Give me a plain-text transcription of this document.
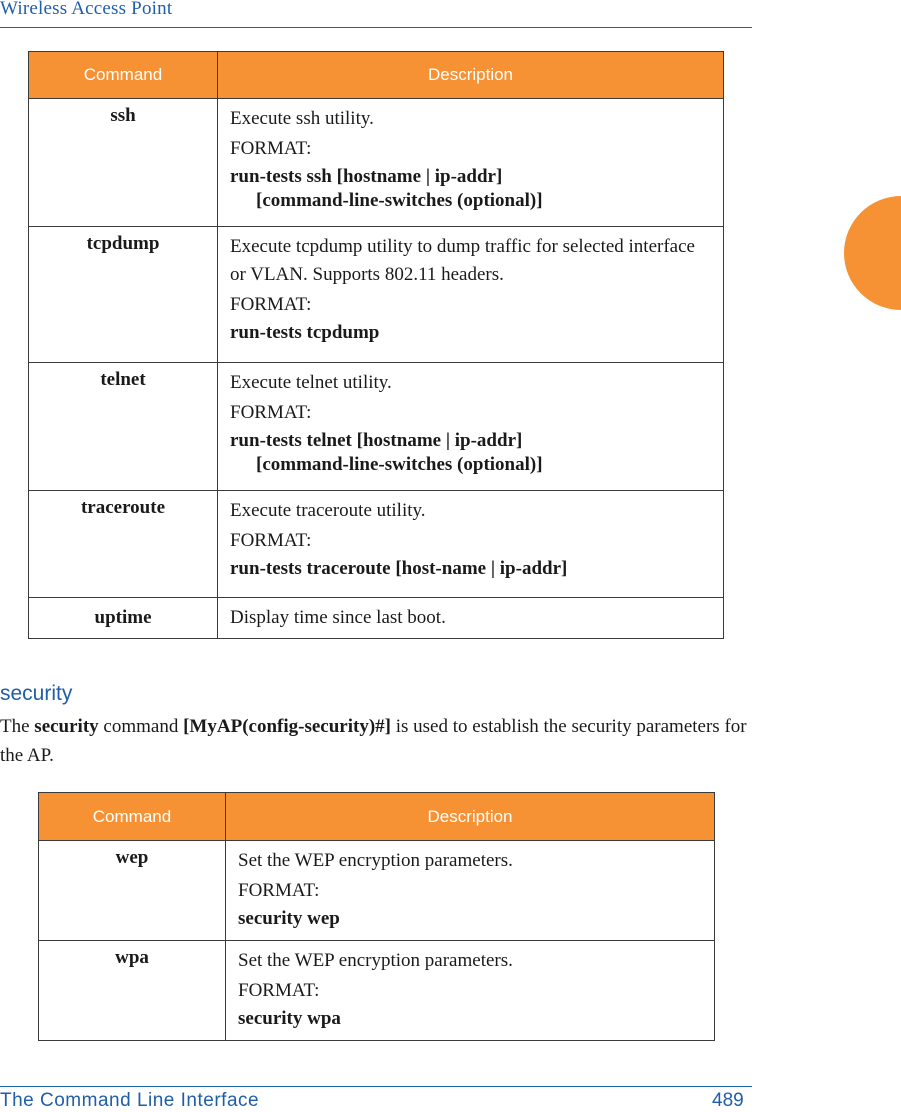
Wireless Access Point
Command	Description
ssh	Execute ssh utility.
FORMAT:
run-tests ssh [hostname | ip-addr]
[command-line-switches (optional)]

tcpdump	Execute tcpdump utility to dump traffic for selected interface or VLAN. Supports 802.11 headers.
FORMAT:
run-tests tcpdump

telnet	Execute telnet utility.
FORMAT:
run-tests telnet [hostname | ip-addr]
[command-line-switches (optional)]

traceroute	Execute traceroute utility.
FORMAT:
run-tests traceroute [host-name | ip-addr]

uptime	Display time since last boot.
security
The security command [MyAP(config-security)#] is used to establish the security parameters for the AP.
Command	Description
wep	Set the WEP encryption parameters.
FORMAT:
security wep

wpa	Set the WEP encryption parameters.
FORMAT:
security wpa
The Command Line Interface	489
